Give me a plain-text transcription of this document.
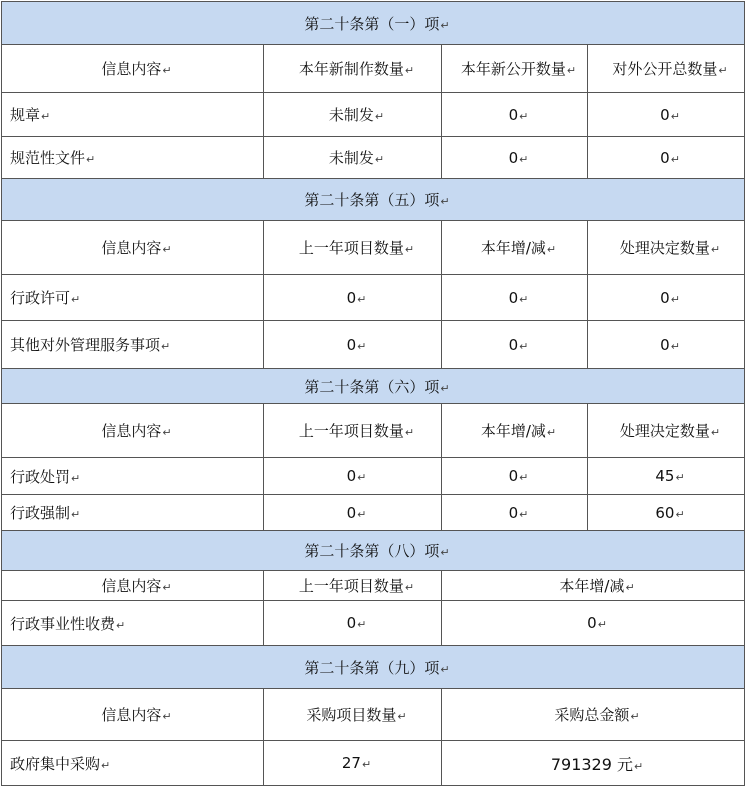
第二十条第（一）项↵			
信息内容↵	本年新制作数量↵	本年新公开数量↵	对外公开总数量↵
规章↵	未制发↵	0↵	0↵
规范性文件↵	未制发↵	0↵	0↵
第二十条第（五）项↵			
信息内容↵	上一年项目数量↵	本年增/减↵	处理决定数量↵
行政许可↵	0↵	0↵	0↵
其他对外管理服务事项↵	0↵	0↵	0↵
第二十条第（六）项↵			
信息内容↵	上一年项目数量↵	本年增/减↵	处理决定数量↵
行政处罚↵	0↵	0↵	45↵
行政强制↵	0↵	0↵	60↵
第二十条第（八）项↵			
信息内容↵	上一年项目数量↵	本年增/减↵	
行政事业性收费↵	0↵	0↵	
第二十条第（九）项↵			
信息内容↵	采购项目数量↵	采购总金额↵	
政府集中采购↵	27↵	791329 元↵	
